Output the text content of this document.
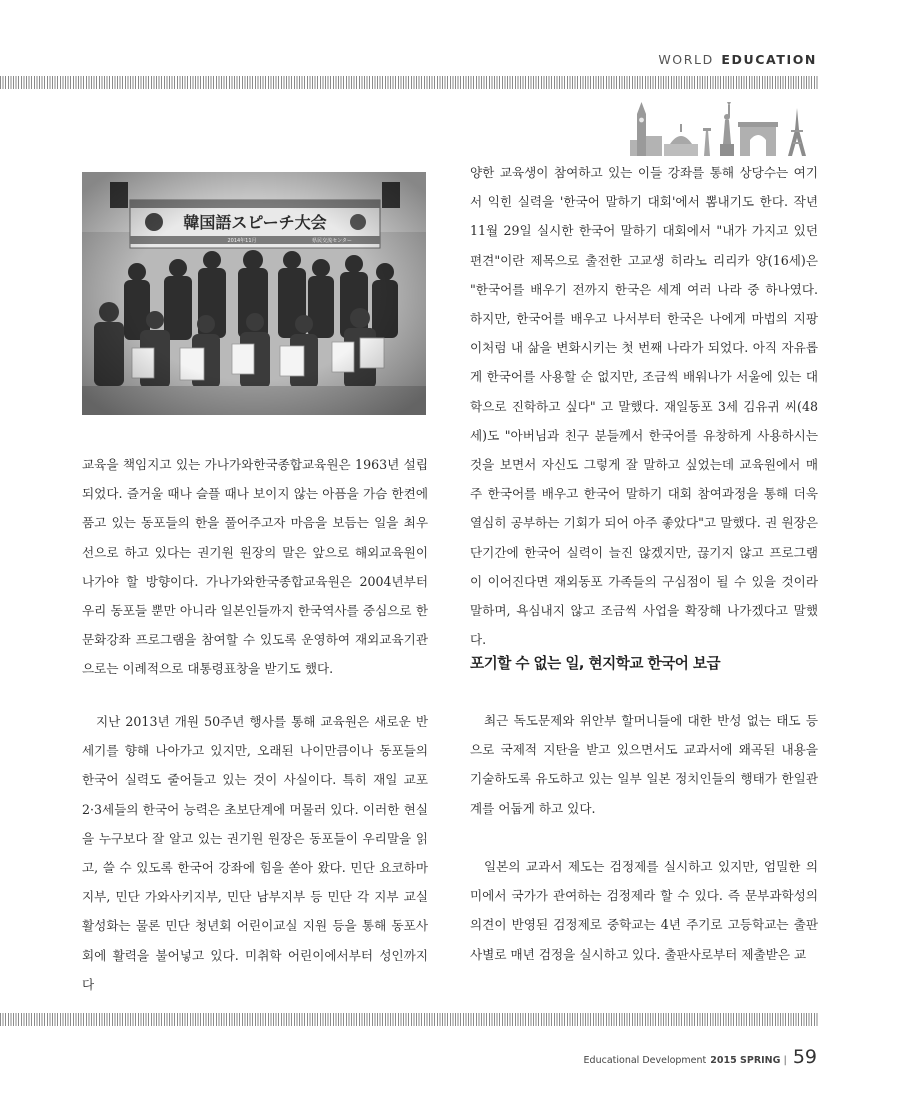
WORLD EDUCATION

교육을 책임지고 있는 가나가와한국종합교육원은 1963년 설립되었다. 즐거울 때나 슬플 때나 보이지 않는 아픔을 가슴 한켠에 품고 있는 동포들의 한을 풀어주고자 마음을 보듬는 일을 최우선으로 하고 있다는 권기원 원장의 말은 앞으로 해외교육원이 나가야 할 방향이다. 가나가와한국종합교육원은 2004년부터 우리 동포들 뿐만 아니라 일본인들까지 한국역사를 중심으로 한 문화강좌 프로그램을 참여할 수 있도록 운영하여 재외교육기관으로는 이례적으로 대통령표창을 받기도 했다.

지난 2013년 개원 50주년 행사를 통해 교육원은 새로운 반세기를 향해 나아가고 있지만, 오래된 나이만큼이나 동포들의 한국어 실력도 줄어들고 있는 것이 사실이다. 특히 재일 교포 2·3세들의 한국어 능력은 초보단계에 머물러 있다. 이러한 현실을 누구보다 잘 알고 있는 권기원 원장은 동포들이 우리말을 읽고, 쓸 수 있도록 한국어 강좌에 힘을 쏟아 왔다. 민단 요코하마지부, 민단 가와사키지부, 민단 남부지부 등 민단 각 지부 교실 활성화는 물론 민단 청년회 어린이교실 지원 등을 통해 동포사회에 활력을 불어넣고 있다. 미취학 어린이에서부터 성인까지 다

양한 교육생이 참여하고 있는 이들 강좌를 통해 상당수는 여기서 익힌 실력을 '한국어 말하기 대회'에서 뽐내기도 한다. 작년 11월 29일 실시한 한국어 말하기 대회에서 "내가 가지고 있던 편견"이란 제목으로 출전한 고교생 히라노 리리카 양(16세)은 "한국어를 배우기 전까지 한국은 세계 여러 나라 중 하나였다. 하지만, 한국어를 배우고 나서부터 한국은 나에게 마법의 지팡이처럼 내 삶을 변화시키는 첫 번째 나라가 되었다. 아직 자유롭게 한국어를 사용할 순 없지만, 조금씩 배워나가 서울에 있는 대학으로 진학하고 싶다" 고 말했다. 재일동포 3세 김유귀 씨(48세)도 "아버님과 친구 분들께서 한국어를 유창하게 사용하시는 것을 보면서 자신도 그렇게 잘 말하고 싶었는데 교육원에서 매주 한국어를 배우고 한국어 말하기 대회 참여과정을 통해 더욱 열심히 공부하는 기회가 되어 아주 좋았다"고 말했다. 권 원장은 단기간에 한국어 실력이 늘진 않겠지만, 끊기지 않고 프로그램이 이어진다면 재외동포 가족들의 구심점이 될 수 있을 것이라 말하며, 욕심내지 않고 조금씩 사업을 확장해 나가겠다고 말했다.

포기할 수 없는 일, 현지학교 한국어 보급

최근 독도문제와 위안부 할머니들에 대한 반성 없는 태도 등으로 국제적 지탄을 받고 있으면서도 교과서에 왜곡된 내용을 기술하도록 유도하고 있는 일부 일본 정치인들의 행태가 한일관계를 어둡게 하고 있다.

일본의 교과서 제도는 검정제를 실시하고 있지만, 엄밀한 의미에서 국가가 관여하는 검정제라 할 수 있다. 즉 문부과학성의 의견이 반영된 검정제로 중학교는 4년 주기로 고등학교는 출판사별로 매년 검정을 실시하고 있다. 출판사로부터 제출받은 교

Educational Development 2015 SPRING | 59
